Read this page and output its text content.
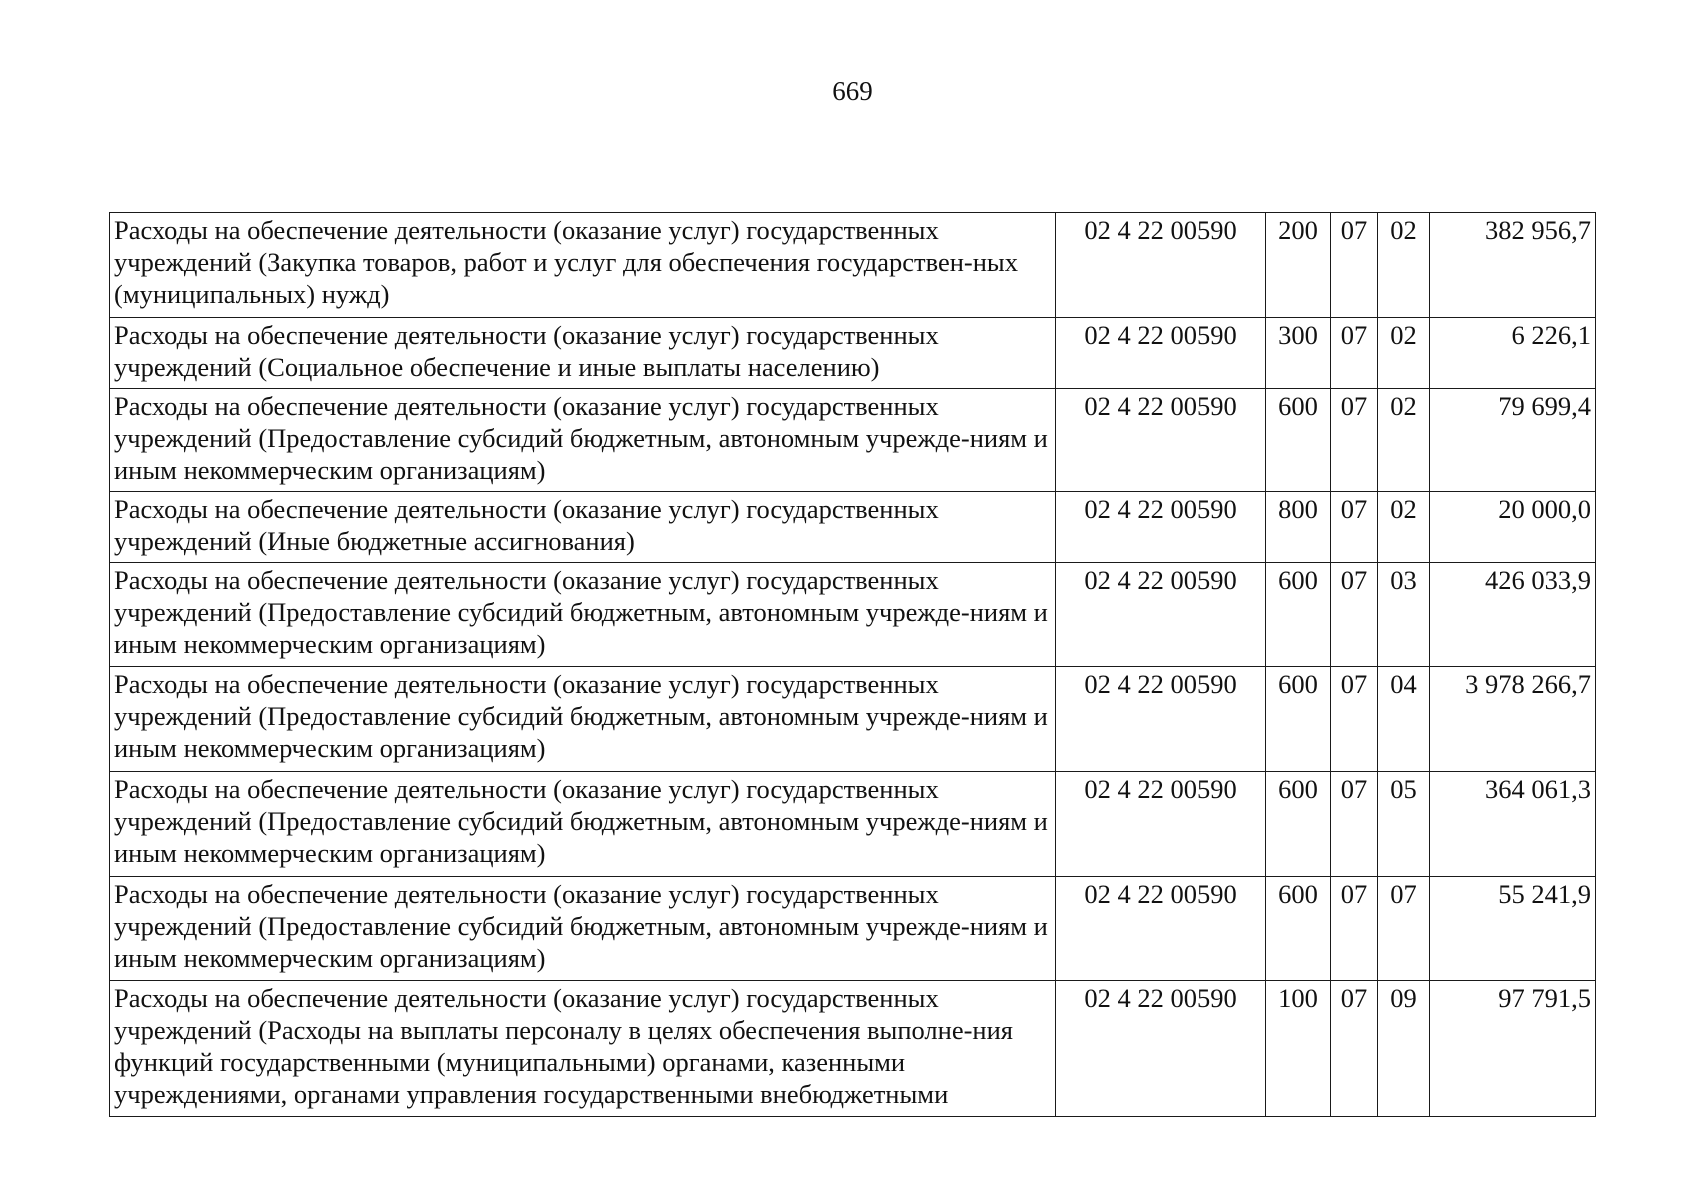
669
Расходы на обеспечение деятельности (оказание услуг) государственных учреждений (Закупка товаров, работ и услуг для обеспечения государствен-ных (муниципальных) нужд)	02 4 22 00590	200	07	02	382 956,7
Расходы на обеспечение деятельности (оказание услуг) государственных учреждений (Социальное обеспечение и иные выплаты населению)	02 4 22 00590	300	07	02	6 226,1
Расходы на обеспечение деятельности (оказание услуг) государственных учреждений (Предоставление субсидий бюджетным, автономным учрежде-ниям и иным некоммерческим организациям)	02 4 22 00590	600	07	02	79 699,4
Расходы на обеспечение деятельности (оказание услуг) государственных учреждений (Иные бюджетные ассигнования)	02 4 22 00590	800	07	02	20 000,0
Расходы на обеспечение деятельности (оказание услуг) государственных учреждений (Предоставление субсидий бюджетным, автономным учрежде-ниям и иным некоммерческим организациям)	02 4 22 00590	600	07	03	426 033,9
Расходы на обеспечение деятельности (оказание услуг) государственных учреждений (Предоставление субсидий бюджетным, автономным учрежде-ниям и иным некоммерческим организациям)	02 4 22 00590	600	07	04	3 978 266,7
Расходы на обеспечение деятельности (оказание услуг) государственных учреждений (Предоставление субсидий бюджетным, автономным учрежде-ниям и иным некоммерческим организациям)	02 4 22 00590	600	07	05	364 061,3
Расходы на обеспечение деятельности (оказание услуг) государственных учреждений (Предоставление субсидий бюджетным, автономным учрежде-ниям и иным некоммерческим организациям)	02 4 22 00590	600	07	07	55 241,9
Расходы на обеспечение деятельности (оказание услуг) государственных учреждений (Расходы на выплаты персоналу в целях обеспечения выполне-ния функций государственными (муниципальными) органами, казенными учреждениями, органами управления государственными внебюджетными	02 4 22 00590	100	07	09	97 791,5
